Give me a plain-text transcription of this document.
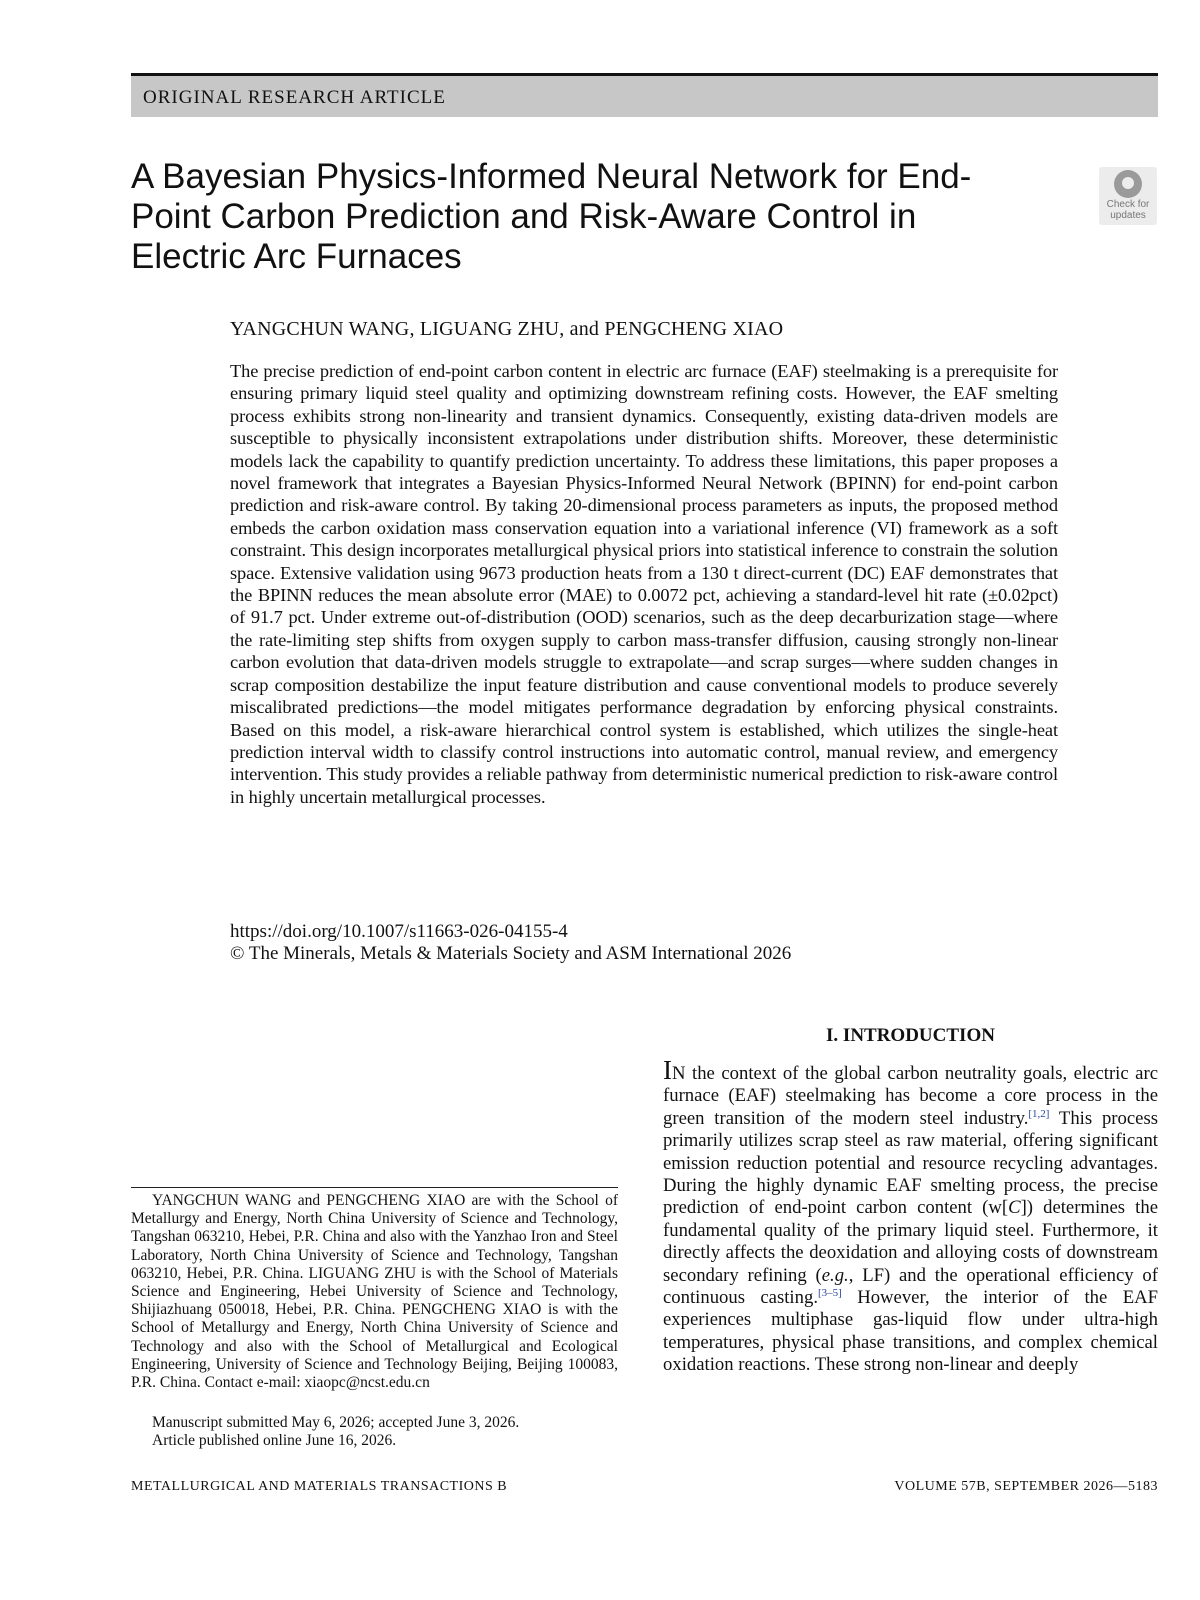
ORIGINAL RESEARCH ARTICLE
A Bayesian Physics-Informed Neural Network for End-Point Carbon Prediction and Risk-Aware Control in Electric Arc Furnaces
Check for
updates

YANGCHUN WANG, LIGUANG ZHU, and PENGCHENG XIAO

The precise prediction of end-point carbon content in electric arc furnace (EAF) steelmaking is a prerequisite for ensuring primary liquid steel quality and optimizing downstream refining costs. However, the EAF smelting process exhibits strong non-linearity and transient dynamics. Consequently, existing data-driven models are susceptible to physically inconsistent extrapolations under distribution shifts. Moreover, these deterministic models lack the capability to quantify prediction uncertainty. To address these limitations, this paper proposes a novel framework that integrates a Bayesian Physics-Informed Neural Network (BPINN) for end-point carbon prediction and risk-aware control. By taking 20-dimensional process parameters as inputs, the proposed method embeds the carbon oxidation mass conservation equation into a variational inference (VI) framework as a soft constraint. This design incorporates metallurgical physical priors into statistical inference to constrain the solution space. Extensive validation using 9673 production heats from a 130 t direct-current (DC) EAF demonstrates that the BPINN reduces the mean absolute error (MAE) to 0.0072 pct, achieving a standard-level hit rate (±0.02pct) of 91.7 pct. Under extreme out-of-distribution (OOD) scenarios, such as the deep decarburization stage—where the rate-limiting step shifts from oxygen supply to carbon mass-transfer diffusion, causing strongly non-linear carbon evolution that data-driven models struggle to extrapolate—and scrap surges—where sudden changes in scrap composition destabilize the input feature distribution and cause conventional models to produce severely miscalibrated predictions—the model mitigates performance degradation by enforcing physical constraints. Based on this model, a risk-aware hierarchical control system is established, which utilizes the single-heat prediction interval width to classify control instructions into automatic control, manual review, and emergency intervention. This study provides a reliable pathway from deterministic numerical prediction to risk-aware control in highly uncertain metallurgical processes.

https://doi.org/10.1007/s11663-026-04155-4

© The Minerals, Metals & Materials Society and ASM International 2026

I. INTRODUCTION

IN the context of the global carbon neutrality goals, electric arc furnace (EAF) steelmaking has become a core process in the green transition of the modern steel industry.[1,2] This process primarily utilizes scrap steel as raw material, offering significant emission reduction potential and resource recycling advantages. During the highly dynamic EAF smelting process, the precise prediction of end-point carbon content (w[C]) determines the fundamental quality of the primary liquid steel. Furthermore, it directly affects the deoxidation and alloying costs of downstream secondary refining (e.g., LF) and the operational efficiency of continuous casting.[3–5] However, the interior of the EAF experiences multiphase gas-liquid flow under ultra-high temperatures, physical phase transitions, and complex chemical oxidation reactions. These strong non-linear and deeply

YANGCHUN WANG and PENGCHENG XIAO are with the School of Metallurgy and Energy, North China University of Science and Technology, Tangshan 063210, Hebei, P.R. China and also with the Yanzhao Iron and Steel Laboratory, North China University of Science and Technology, Tangshan 063210, Hebei, P.R. China. LIGUANG ZHU is with the School of Materials Science and Engineering, Hebei University of Science and Technology, Shijiazhuang 050018, Hebei, P.R. China. PENGCHENG XIAO is with the School of Metallurgy and Energy, North China University of Science and Technology and also with the School of Metallurgical and Ecological Engineering, University of Science and Technology Beijing, Beijing 100083, P.R. China. Contact e-mail: xiaopc@ncst.edu.cn

Manuscript submitted May 6, 2026; accepted June 3, 2026.
Article published online June 16, 2026.
METALLURGICAL AND MATERIALS TRANSACTIONS B	VOLUME 57B, SEPTEMBER 2026—5183
